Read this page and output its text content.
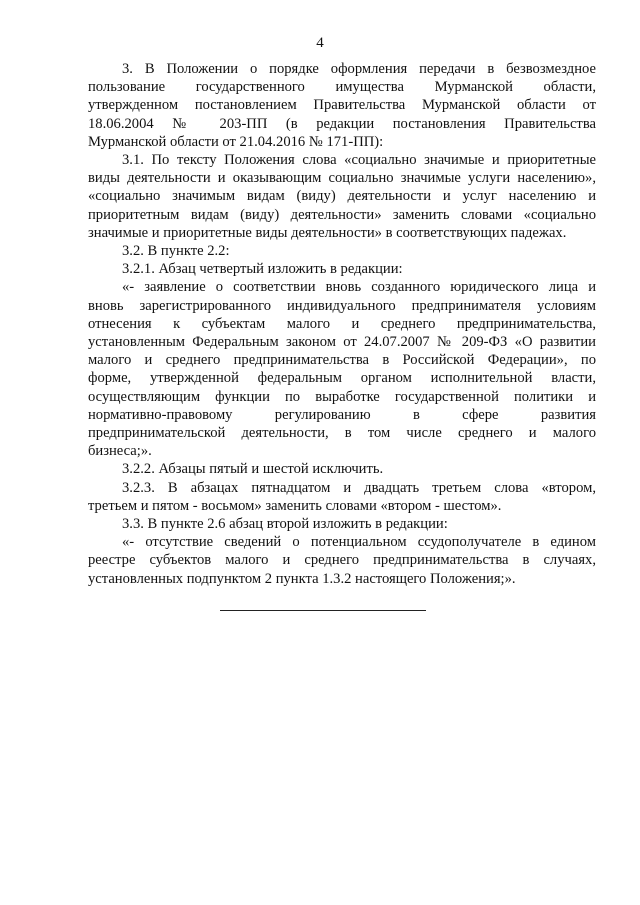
4
3. В Положении о порядке оформления передачи в безвозмездное
пользование государственного имущества Мурманской области,
утвержденном постановлением Правительства Мурманской области от
18.06.2004 № 203-ПП (в редакции постановления Правительства
Мурманской области от 21.04.2016 № 171-ПП):
3.1. По тексту Положения слова «социально значимые и приоритетные
виды деятельности и оказывающим социально значимые услуги населению»,
«социально значимым видам (виду) деятельности и услуг населению и
приоритетным видам (виду) деятельности» заменить словами «социально
значимые и приоритетные виды деятельности» в соответствующих падежах.
3.2. В пункте 2.2:
3.2.1. Абзац четвертый изложить в редакции:
«- заявление о соответствии вновь созданного юридического лица и
вновь зарегистрированного индивидуального предпринимателя условиям
отнесения к субъектам малого и среднего предпринимательства,
установленным Федеральным законом от 24.07.2007 № 209-ФЗ «О развитии
малого и среднего предпринимательства в Российской Федерации», по
форме, утвержденной федеральным органом исполнительной власти,
осуществляющим функции по выработке государственной политики и
нормативно-правовому регулированию в сфере развития
предпринимательской деятельности, в том числе среднего и малого
бизнеса;».
3.2.2. Абзацы пятый и шестой исключить.
3.2.3. В абзацах пятнадцатом и двадцать третьем слова «втором,
третьем и пятом - восьмом» заменить словами «втором - шестом».
3.3. В пункте 2.6 абзац второй изложить в редакции:
«- отсутствие сведений о потенциальном ссудополучателе в едином
реестре субъектов малого и среднего предпринимательства в случаях,
установленных подпунктом 2 пункта 1.3.2 настоящего Положения;».
